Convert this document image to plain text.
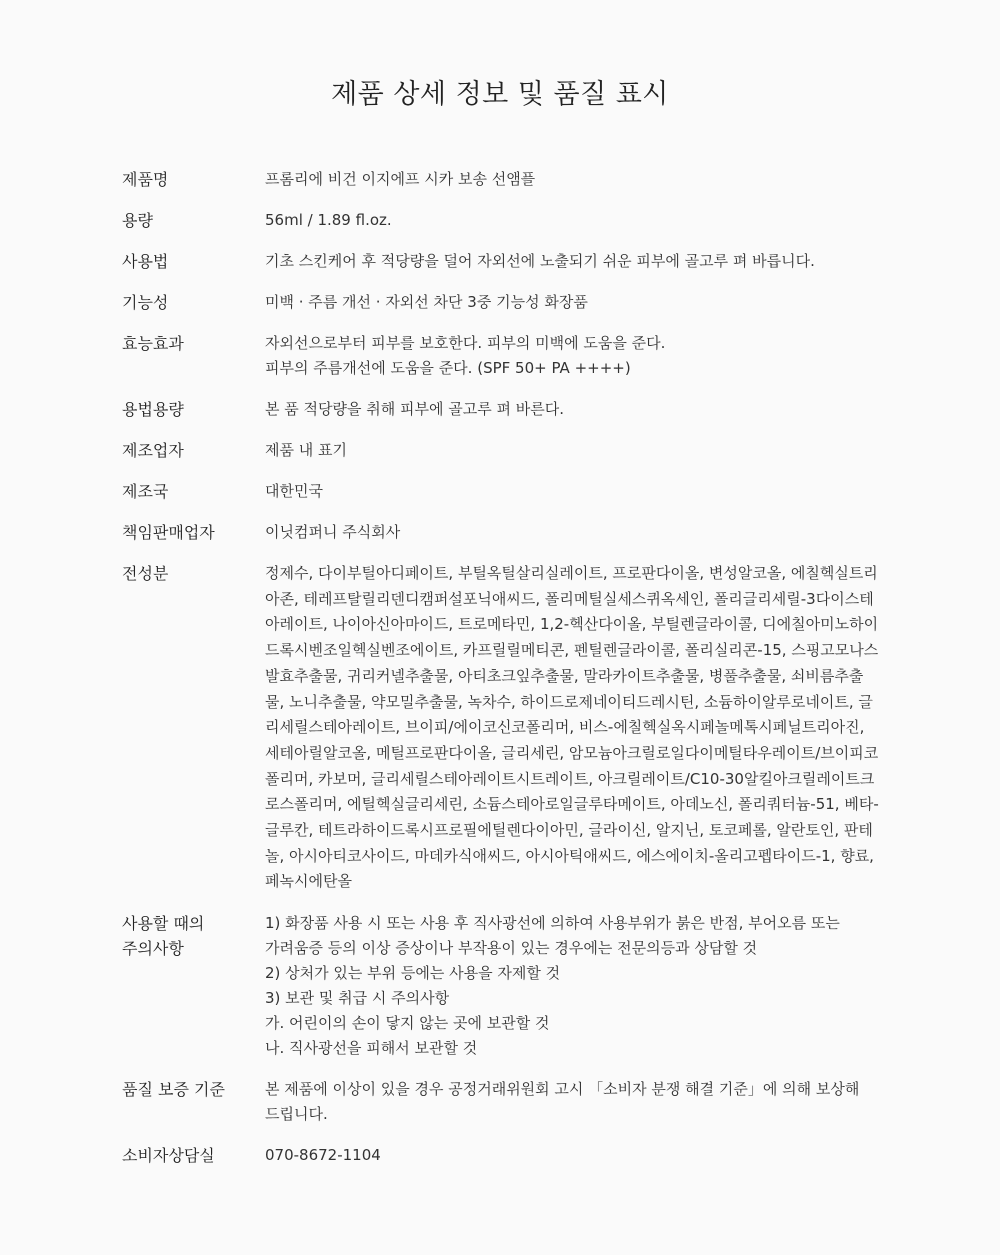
제품 상세 정보 및 품질 표시
제품명	프롬리에 비건 이지에프 시카 보송 선앰플
용량	56ml / 1.89 fl.oz.
사용법	기초 스킨케어 후 적당량을 덜어 자외선에 노출되기 쉬운 피부에 골고루 펴 바릅니다.
기능성	미백 · 주름 개선 · 자외선 차단 3중 기능성 화장품
효능효과	자외선으로부터 피부를 보호한다. 피부의 미백에 도움을 준다.
피부의 주름개선에 도움을 준다. (SPF 50+ PA ++++)
용법용량	본 품 적당량을 취해 피부에 골고루 펴 바른다.
제조업자	제품 내 표기
제조국	대한민국
책임판매업자	이닛컴퍼니 주식회사
전성분	정제수, 다이부틸아디페이트, 부틸옥틸살리실레이트, 프로판다이올, 변성알코올, 에칠헥실트리아존, 테레프탈릴리덴디캠퍼설포닉애씨드, 폴리메틸실세스퀴옥세인, 폴리글리세릴-3다이스테아레이트, 나이아신아마이드, 트로메타민, 1,2-헥산다이올, 부틸렌글라이콜, 디에칠아미노하이드록시벤조일헥실벤조에이트, 카프릴릴메티콘, 펜틸렌글라이콜, 폴리실리콘-15, 스핑고모나스발효추출물, 귀리커넬추출물, 아티초크잎추출물, 말라카이트추출물, 병풀추출물, 쇠비름추출물, 노니추출물, 약모밀추출물, 녹차수, 하이드로제네이티드레시틴, 소듐하이알루로네이트, 글리세릴스테아레이트, 브이피/에이코신코폴리머, 비스-에칠헥실옥시페놀메톡시페닐트리아진, 세테아릴알코올, 메틸프로판다이올, 글리세린, 암모늄아크릴로일다이메틸타우레이트/브이피코폴리머, 카보머, 글리세릴스테아레이트시트레이트, 아크릴레이트/C10-30알킬아크릴레이트크로스폴리머, 에틸헥실글리세린, 소듐스테아로일글루타메이트, 아데노신, 폴리쿼터늄-51, 베타-글루칸, 테트라하이드록시프로필에틸렌다이아민, 글라이신, 알지닌, 토코페롤, 알란토인, 판테놀, 아시아티코사이드, 마데카식애씨드, 아시아틱애씨드, 에스에이치-올리고펩타이드-1, 향료, 페녹시에탄올
사용할 때의
주의사항
1) 화장품 사용 시 또는 사용 후 직사광선에 의하여 사용부위가 붉은 반점, 부어오름 또는 가려움증 등의 이상 증상이나 부작용이 있는 경우에는 전문의등과 상담할 것
2) 상처가 있는 부위 등에는 사용을 자제할 것
3) 보관 및 취급 시 주의사항
가. 어린이의 손이 닿지 않는 곳에 보관할 것
나. 직사광선을 피해서 보관할 것
품질 보증 기준	본 제품에 이상이 있을 경우 공정거래위원회 고시 「소비자 분쟁 해결 기준」에 의해 보상해 드립니다.
소비자상담실	070-8672-1104
